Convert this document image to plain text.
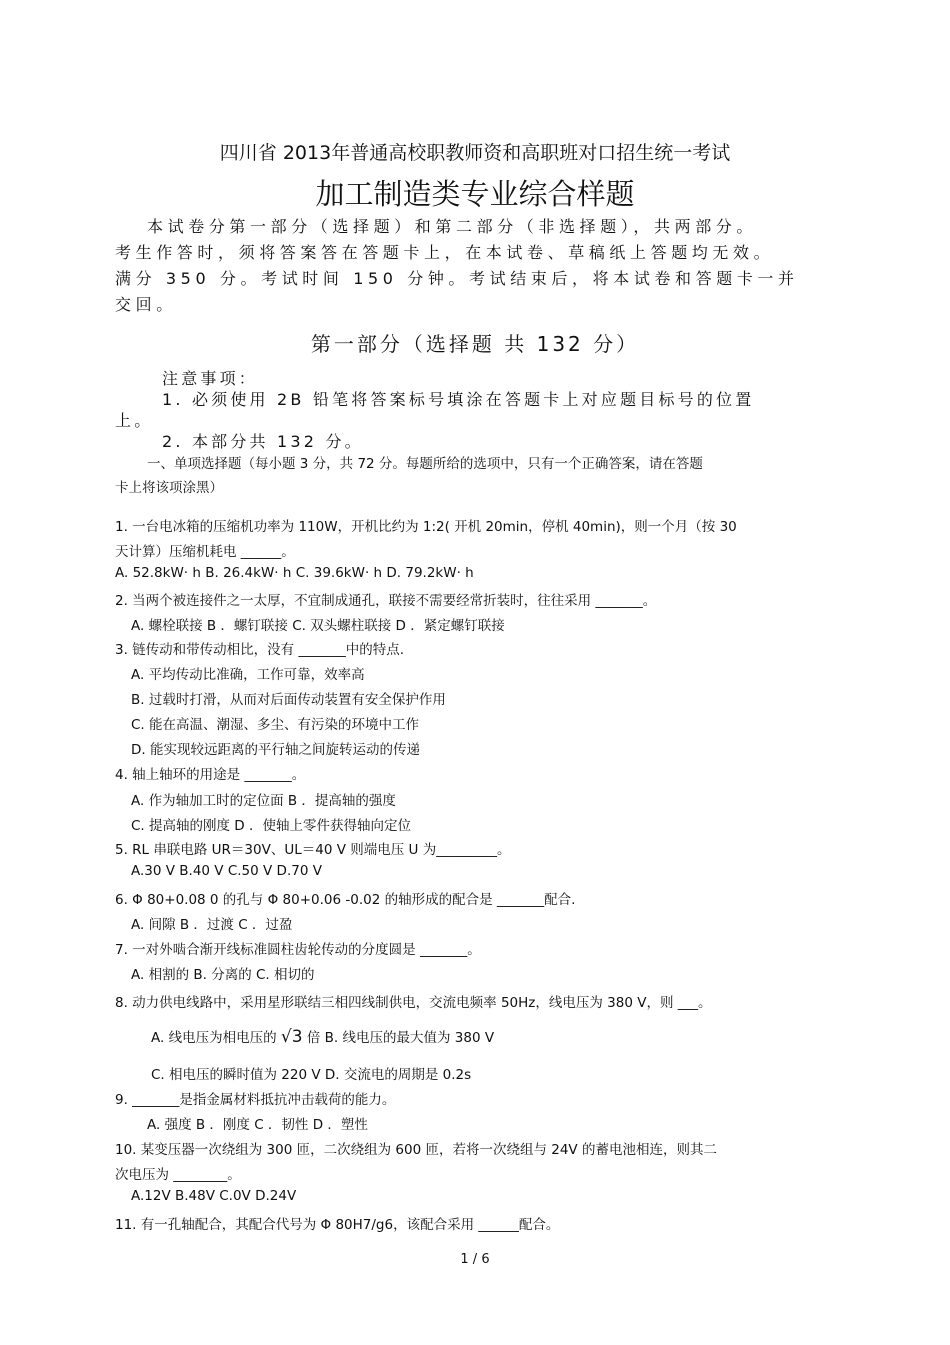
四川省 2013年普通高校职教师资和高职班对口招生统一考试
加工制造类专业综合样题
本试卷分第一部分（选择题）和第二部分（非选择题），共两部分。
考生作答时，须将答案答在答题卡上，在本试卷、草稿纸上答题均无效。
满分 350 分。考试时间 150 分钟。考试结束后，将本试卷和答题卡一并
交回。
第一部分（选择题 共 132 分）
注意事项：
1. 必须使用 2B 铅笔将答案标号填涂在答题卡上对应题目标号的位置
上。
2. 本部分共 132 分。
一、单项选择题（每小题 3 分，共 72 分。每题所给的选项中，只有一个正确答案，请在答题
卡上将该项涂黑）
1. 一台电冰箱的压缩机功率为 110W，开机比约为 1:2( 开机 20min，停机 40min)，则一个月（按 30
天计算）压缩机耗电 ______。
A. 52.8kW· h B. 26.4kW· h C. 39.6kW· h D. 79.2kW· h
2. 当两个被连接件之一太厚，不宜制成通孔，联接不需要经常折装时，往往采用 _______。
A. 螺栓联接 B ．螺钉联接 C. 双头螺柱联接 D ．紧定螺钉联接
3. 链传动和带传动相比，没有 _______中的特点.
A. 平均传动比准确，工作可靠，效率高
B. 过载时打滑，从而对后面传动装置有安全保护作用
C. 能在高温、潮湿、多尘、有污染的环境中工作
D. 能实现较远距离的平行轴之间旋转运动的传递
4. 轴上轴环的用途是 _______。
A. 作为轴加工时的定位面 B ．提高轴的强度
C. 提高轴的刚度 D ．使轴上零件获得轴向定位
5. RL 串联电路 UR＝30V、UL＝40 V 则端电压 U 为_________。
A.30 V B.40 V C.50 V D.70 V
6. Φ 80+0.08 0 的孔与 Φ 80+0.06 -0.02 的轴形成的配合是 _______配合.
A. 间隙 B ．过渡 C ．过盈
7. 一对外啮合渐开线标准圆柱齿轮传动的分度圆是 _______。
A. 相割的 B. 分离的 C. 相切的
8. 动力供电线路中，采用星形联结三相四线制供电，交流电频率 50Hz，线电压为 380 V，则 ___。
A. 线电压为相电压的 √3 倍 B. 线电压的最大值为 380 V
C. 相电压的瞬时值为 220 V D. 交流电的周期是 0.2s
9. _______是指金属材料抵抗冲击载荷的能力。
A. 强度 B ．刚度 C ．韧性 D ．塑性
10. 某变压器一次绕组为 300 匝，二次绕组为 600 匝，若将一次绕组与 24V 的蓄电池相连，则其二
次电压为 ________。
A.12V B.48V C.0V D.24V
11. 有一孔轴配合，其配合代号为 Φ 80H7/g6，该配合采用 ______配合。
1 / 6
